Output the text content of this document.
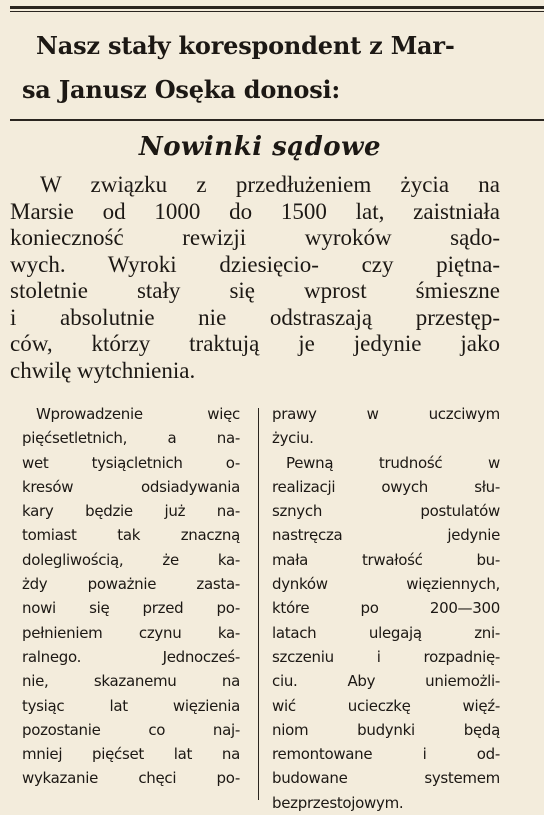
Nasz stały korespondent z Mar-
sa Janusz Osęka donosi:
Nowinki sądowe

W związku z przedłużeniem życia na
Marsie od 1000 do 1500 lat, zaistniała
konieczność rewizji wyroków sądo-
wych. Wyroki dziesięcio- czy piętna-
stoletnie stały się wprost śmieszne
i absolutnie nie odstraszają przestęp-
ców, którzy traktują je jedynie jako
chwilę wytchnienia.

Wprowadzenie więc
pięćsetletnich, a na-
wet tysiącletnich o-
kresów odsiadywania
kary będzie już na-
tomiast tak znaczną
dolegliwością, że ka-
żdy poważnie zasta-
nowi się przed po-
pełnieniem czynu ka-
ralnego. Jednocześ-
nie, skazanemu na
tysiąc lat więzienia
pozostanie co naj-
mniej pięćset lat na
wykazanie chęci po-
prawy w uczciwym
życiu.
Pewną trudność w
realizacji owych słu-
sznych postulatów
nastręcza jedynie
mała trwałość bu-
dynków więziennych,
które po 200—300
latach ulegają zni-
szczeniu i rozpadnię-
ciu. Aby uniemożli-
wić ucieczkę więź-
niom budynki będą
remontowane i od-
budowane systemem
bezprzestojowym.
